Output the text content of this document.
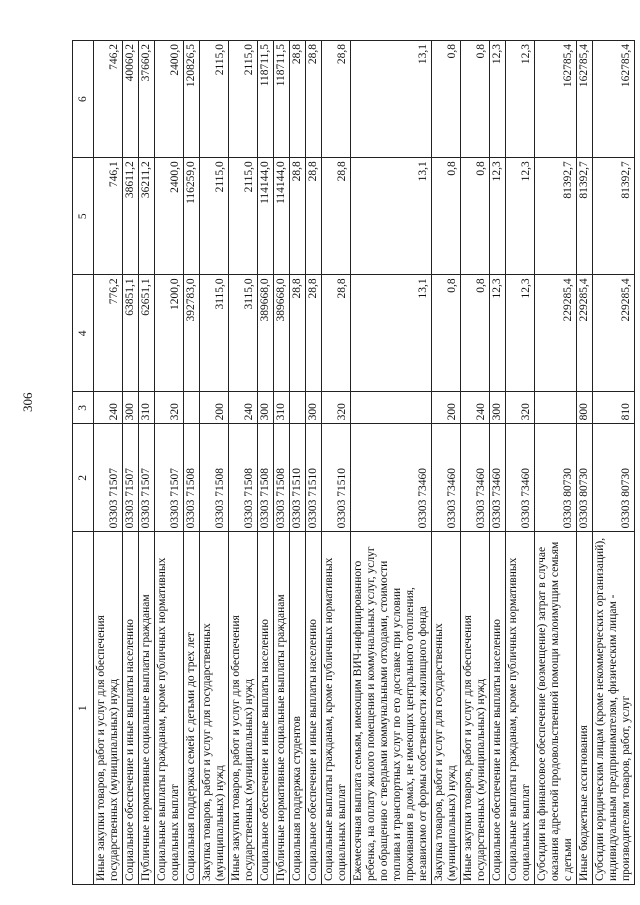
306
1	2	3	4	5	6
Иные закупки товаров, работ и услуг для обеспечения государственных (муниципальных) нужд	03303 71507	240	776,2	746,1	746,2
Социальное обеспечение и иные выплаты населению	03303 71507	300	63851,1	38611,2	40060,2
Публичные нормативные социальные выплаты гражданам	03303 71507	310	62651,1	36211,2	37660,2
Социальные выплаты гражданам, кроме публичных нормативных социальных выплат	03303 71507	320	1200,0	2400,0	2400,0
Социальная поддержка семей с детьми до трех лет	03303 71508		392783,0	116259,0	120826,5
Закупка товаров, работ и услуг для государственных (муниципальных) нужд	03303 71508	200	3115,0	2115,0	2115,0
Иные закупки товаров, работ и услуг для обеспечения государственных (муниципальных) нужд	03303 71508	240	3115,0	2115,0	2115,0
Социальное обеспечение и иные выплаты населению	03303 71508	300	389668,0	114144,0	118711,5
Публичные нормативные социальные выплаты гражданам	03303 71508	310	389668,0	114144,0	118711,5
Социальная поддержка студентов	03303 71510		28,8	28,8	28,8
Социальное обеспечение и иные выплаты населению	03303 71510	300	28,8	28,8	28,8
Социальные выплаты гражданам, кроме публичных нормативных социальных выплат	03303 71510	320	28,8	28,8	28,8
Ежемесячная выплата семьям, имеющим ВИЧ-инфицированного ребенка, на оплату жилого помещения и коммунальных услуг, услуг по обращению с твердыми коммунальными отходами, стоимости топлива и транспортных услуг по его доставке при условии проживания в домах, не имеющих центрального отопления, независимо от формы собственности жилищного фонда	03303 73460		13,1	13,1	13,1
Закупка товаров, работ и услуг для государственных (муниципальных) нужд	03303 73460	200	0,8	0,8	0,8
Иные закупки товаров, работ и услуг для обеспечения государственных (муниципальных) нужд	03303 73460	240	0,8	0,8	0,8
Социальное обеспечение и иные выплаты населению	03303 73460	300	12,3	12,3	12,3
Социальные выплаты гражданам, кроме публичных нормативных социальных выплат	03303 73460	320	12,3	12,3	12,3
Субсидии на финансовое обеспечение (возмещение) затрат в случае оказания адресной продовольственной помощи малоимущим семьям с детьми	03303 80730		229285,4	81392,7	162785,4
Иные бюджетные ассигнования	03303 80730	800	229285,4	81392,7	162785,4
Субсидии юридическим лицам (кроме некоммерческих организаций), индивидуальным предпринимателям, физическим лицам - производителям товаров, работ, услуг	03303 80730	810	229285,4	81392,7	162785,4
